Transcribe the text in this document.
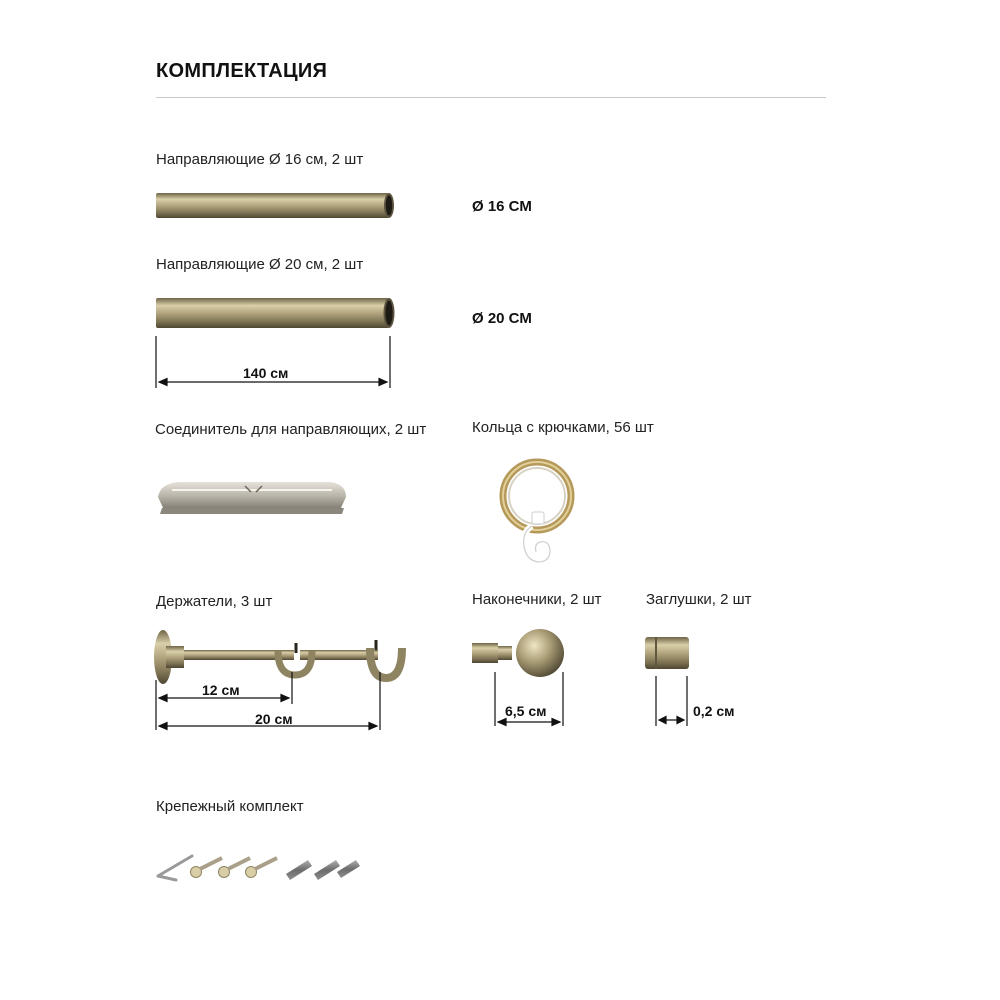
КОМПЛЕКТАЦИЯ
Направляющие Ø 16 см, 2 шт
Ø 16 СМ
Направляющие Ø 20 см, 2 шт
Ø 20 СМ
140 см
Соединитель для направляющих, 2 шт	Кольца с крючками, 56 шт
Держатели, 3 шт
12 см
20 см
Наконечники, 2 шт
6,5 см
Заглушки, 2 шт
0,2 см
Крепежный комплект
